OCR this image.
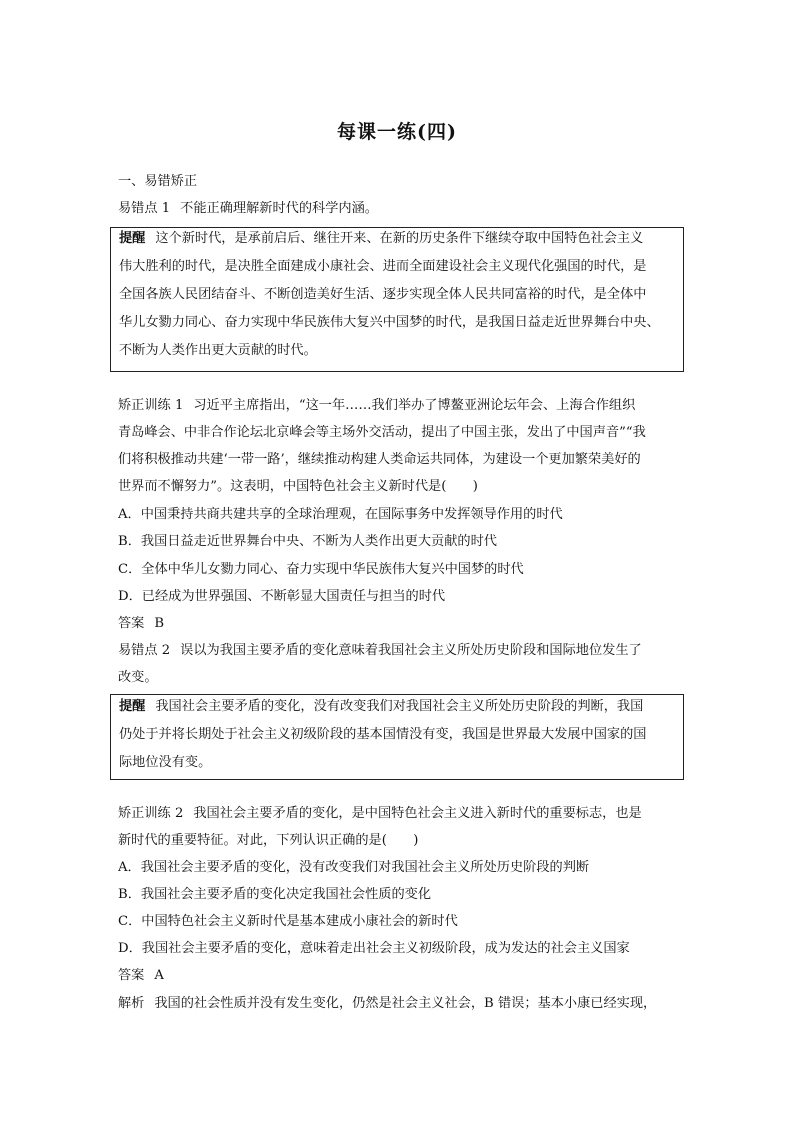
每课一练(四)
一、易错矫正
易错点 1 不能正确理解新时代的科学内涵。
提醒 这个新时代，是承前启后、继往开来、在新的历史条件下继续夺取中国特色社会主义
伟大胜利的时代，是决胜全面建成小康社会、进而全面建设社会主义现代化强国的时代，是
全国各族人民团结奋斗、不断创造美好生活、逐步实现全体人民共同富裕的时代，是全体中
华儿女勠力同心、奋力实现中华民族伟大复兴中国梦的时代，是我国日益走近世界舞台中央、
不断为人类作出更大贡献的时代。
矫正训练 1 习近平主席指出，“这一年……我们举办了博鳌亚洲论坛年会、上海合作组织
青岛峰会、中非合作论坛北京峰会等主场外交活动，提出了中国主张，发出了中国声音”“我
们将积极推动共建‘一带一路’，继续推动构建人类命运共同体，为建设一个更加繁荣美好的
世界而不懈努力”。这表明，中国特色社会主义新时代是(　　)
A．中国秉持共商共建共享的全球治理观，在国际事务中发挥领导作用的时代
B．我国日益走近世界舞台中央、不断为人类作出更大贡献的时代
C．全体中华儿女勠力同心、奋力实现中华民族伟大复兴中国梦的时代
D．已经成为世界强国、不断彰显大国责任与担当的时代
答案 B
易错点 2 误以为我国主要矛盾的变化意味着我国社会主义所处历史阶段和国际地位发生了
改变。
提醒 我国社会主要矛盾的变化，没有改变我们对我国社会主义所处历史阶段的判断，我国
仍处于并将长期处于社会主义初级阶段的基本国情没有变，我国是世界最大发展中国家的国
际地位没有变。
矫正训练 2 我国社会主要矛盾的变化，是中国特色社会主义进入新时代的重要标志，也是
新时代的重要特征。对此，下列认识正确的是(　　)
A．我国社会主要矛盾的变化，没有改变我们对我国社会主义所处历史阶段的判断
B．我国社会主要矛盾的变化决定我国社会性质的变化
C．中国特色社会主义新时代是基本建成小康社会的新时代
D．我国社会主要矛盾的变化，意味着走出社会主义初级阶段，成为发达的社会主义国家
答案 A
解析 我国的社会性质并没有发生变化，仍然是社会主义社会，B 错误；基本小康已经实现，
